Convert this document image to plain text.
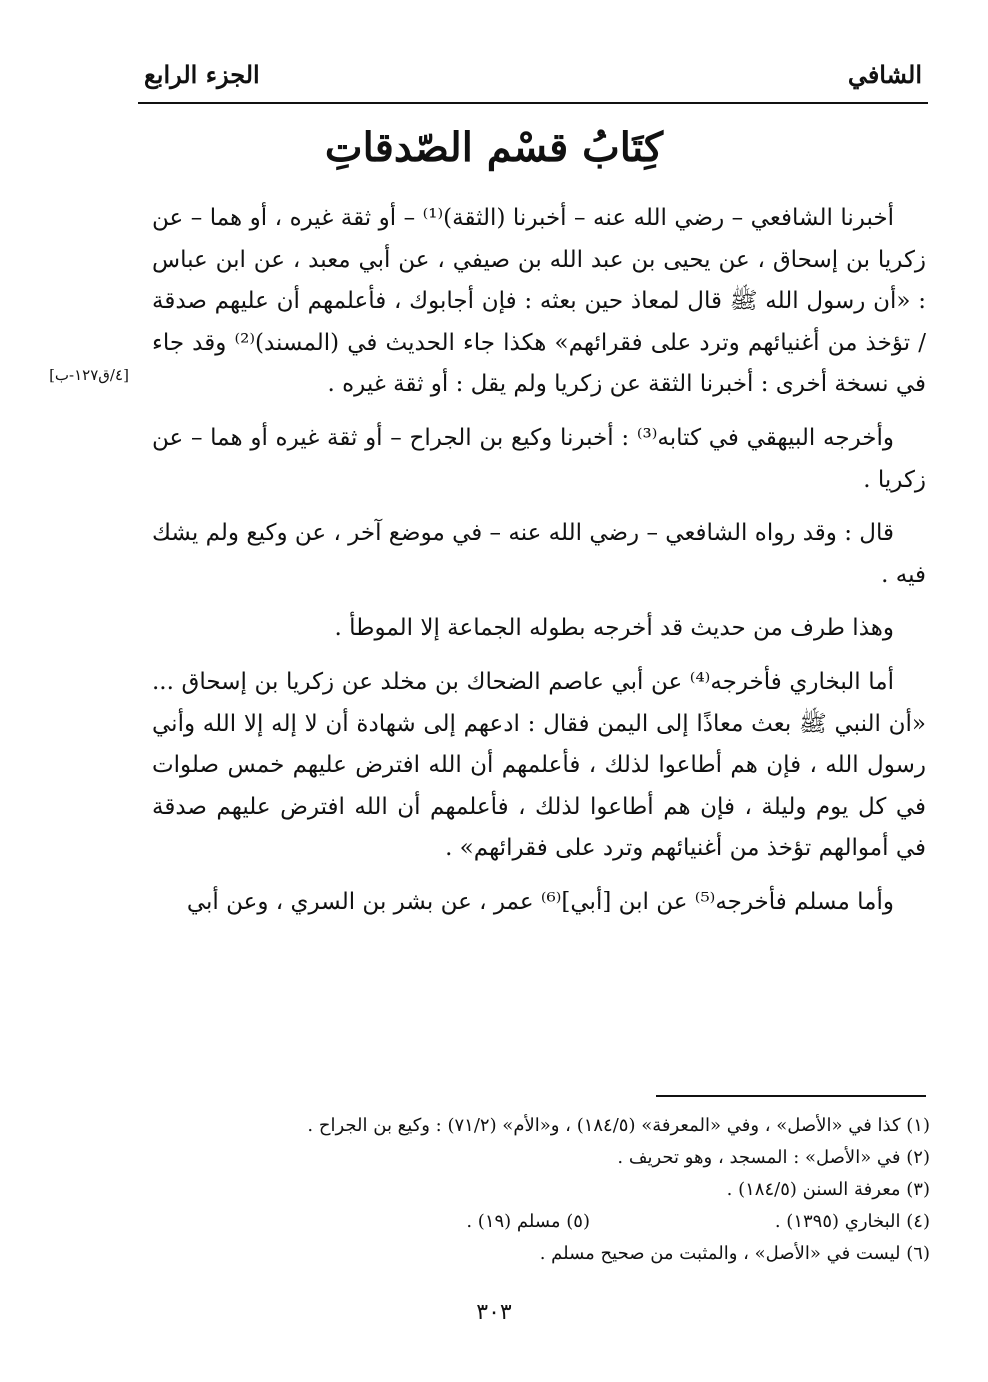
الشافي
الجزء الرابع
كِتَابُ قسْم الصّدقاتِ
[٤/ق١٢٧-ب]

أخبرنا الشافعي – رضي الله عنه – أخبرنا (الثقة)⁽¹⁾ – أو ثقة غيره ، أو هما – عن زكريا بن إسحاق ، عن يحيى بن عبد الله بن صيفي ، عن أبي معبد ، عن ابن عباس : «أن رسول الله ﷺ قال لمعاذ حين بعثه : فإن أجابوك ، فأعلمهم أن عليهم صدقة / تؤخذ من أغنيائهم وترد على فقرائهم» هكذا جاء الحديث في (المسند)⁽²⁾ وقد جاء في نسخة أخرى : أخبرنا الثقة عن زكريا ولم يقل : أو ثقة غيره .

وأخرجه البيهقي في كتابه⁽³⁾ : أخبرنا وكيع بن الجراح – أو ثقة غيره أو هما – عن زكريا .

قال : وقد رواه الشافعي – رضي الله عنه – في موضع آخر ، عن وكيع ولم يشك فيه .

وهذا طرف من حديث قد أخرجه بطوله الجماعة إلا الموطأ .

أما البخاري فأخرجه⁽⁴⁾ عن أبي عاصم الضحاك بن مخلد عن زكريا بن إسحاق ... «أن النبي ﷺ بعث معاذًا إلى اليمن فقال : ادعهم إلى شهادة أن لا إله إلا الله وأني رسول الله ، فإن هم أطاعوا لذلك ، فأعلمهم أن الله افترض عليهم خمس صلوات في كل يوم وليلة ، فإن هم أطاعوا لذلك ، فأعلمهم أن الله افترض عليهم صدقة في أموالهم تؤخذ من أغنيائهم وترد على فقرائهم» .

وأما مسلم فأخرجه⁽⁵⁾ عن ابن [أبي]⁽⁶⁾ عمر ، عن بشر بن السري ، وعن أبي

(١) كذا في «الأصل» ، وفي «المعرفة» (١٨٤/٥) ، و«الأم» (٧١/٢) : وكيع بن الجراح .
(٢) في «الأصل» : المسجد ، وهو تحريف .
(٣) معرفة السنن (١٨٤/٥) .
(٤) البخاري (١٣٩٥) .
(٥) مسلم (١٩) .
(٦) ليست في «الأصل» ، والمثبت من صحيح مسلم .
٣٠٣
